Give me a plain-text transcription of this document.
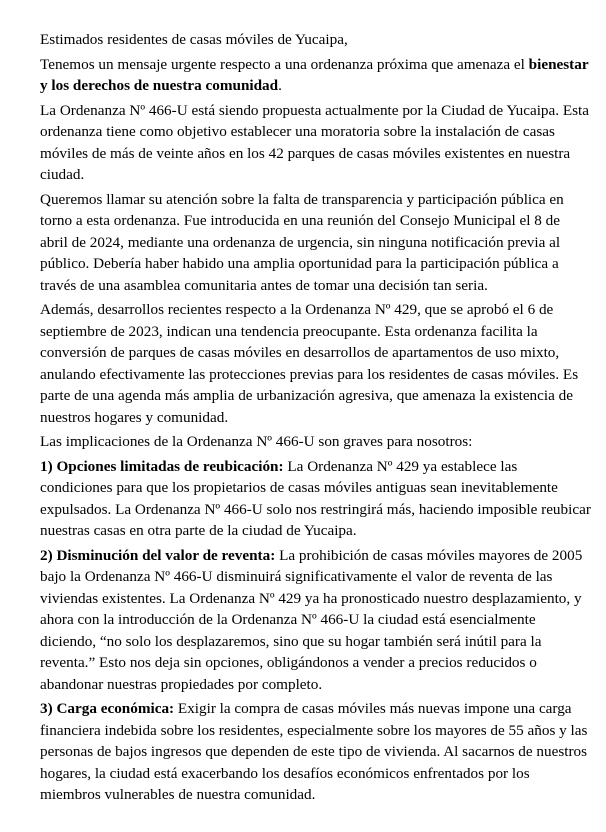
Estimados residentes de casas móviles de Yucaipa,

Tenemos un mensaje urgente respecto a una ordenanza próxima que amenaza el bienestar y los derechos de nuestra comunidad.

La Ordenanza Nº 466-U está siendo propuesta actualmente por la Ciudad de Yucaipa. Esta ordenanza tiene como objetivo establecer una moratoria sobre la instalación de casas móviles de más de veinte años en los 42 parques de casas móviles existentes en nuestra ciudad.

Queremos llamar su atención sobre la falta de transparencia y participación pública en torno a esta ordenanza. Fue introducida en una reunión del Consejo Municipal el 8 de abril de 2024, mediante una ordenanza de urgencia, sin ninguna notificación previa al público. Debería haber habido una amplia oportunidad para la participación pública a través de una asamblea comunitaria antes de tomar una decisión tan seria.

Además, desarrollos recientes respecto a la Ordenanza Nº 429, que se aprobó el 6 de septiembre de 2023, indican una tendencia preocupante. Esta ordenanza facilita la conversión de parques de casas móviles en desarrollos de apartamentos de uso mixto, anulando efectivamente las protecciones previas para los residentes de casas móviles. Es parte de una agenda más amplia de urbanización agresiva, que amenaza la existencia de nuestros hogares y comunidad.

Las implicaciones de la Ordenanza Nº 466-U son graves para nosotros:

1) Opciones limitadas de reubicación: La Ordenanza Nº 429 ya establece las condiciones para que los propietarios de casas móviles antiguas sean inevitablemente expulsados. La Ordenanza Nº 466-U solo nos restringirá más, haciendo imposible reubicar nuestras casas en otra parte de la ciudad de Yucaipa.

2) Disminución del valor de reventa: La prohibición de casas móviles mayores de 2005 bajo la Ordenanza Nº 466-U disminuirá significativamente el valor de reventa de las viviendas existentes. La Ordenanza Nº 429 ya ha pronosticado nuestro desplazamiento, y ahora con la introducción de la Ordenanza Nº 466-U la ciudad está esencialmente diciendo, “no solo los desplazaremos, sino que su hogar también será inútil para la reventa.” Esto nos deja sin opciones, obligándonos a vender a precios reducidos o abandonar nuestras propiedades por completo.

3) Carga económica: Exigir la compra de casas móviles más nuevas impone una carga financiera indebida sobre los residentes, especialmente sobre los mayores de 55 años y las personas de bajos ingresos que dependen de este tipo de vivienda. Al sacarnos de nuestros hogares, la ciudad está exacerbando los desafíos económicos enfrentados por los miembros vulnerables de nuestra comunidad.
